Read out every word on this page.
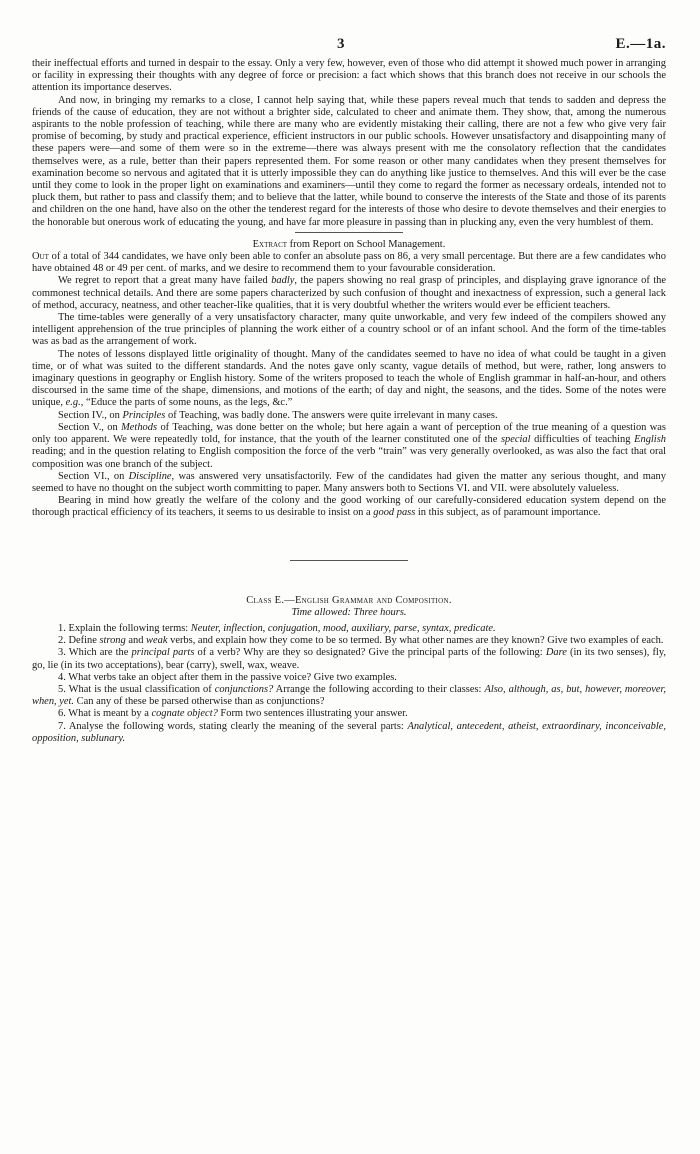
3	E.—1a.

their ineffectual efforts and turned in despair to the essay. Only a very few, however, even of those who did attempt it showed much power in arranging or facility in expressing their thoughts with any degree of force or precision: a fact which shows that this branch does not receive in our schools the attention its importance deserves.

And now, in bringing my remarks to a close, I cannot help saying that, while these papers reveal much that tends to sadden and depress the friends of the cause of education, they are not without a brighter side, calculated to cheer and animate them. They show, that, among the numerous aspirants to the noble profession of teaching, while there are many who are evidently mistaking their calling, there are not a few who give very fair promise of becoming, by study and practical experience, efficient instructors in our public schools. However unsatisfactory and disappointing many of these papers were—and some of them were so in the extreme—there was always present with me the consolatory reflection that the candidates themselves were, as a rule, better than their papers represented them. For some reason or other many candidates when they present themselves for examination become so nervous and agitated that it is utterly impossible they can do anything like justice to themselves. And this will ever be the case until they come to look in the proper light on examinations and examiners—until they come to regard the former as necessary ordeals, intended not to pluck them, but rather to pass and classify them; and to believe that the latter, while bound to conserve the interests of the State and those of its parents and children on the one hand, have also on the other the tenderest regard for the interests of those who desire to devote themselves and their energies to the honorable but onerous work of educating the young, and have far more pleasure in passing than in plucking any, even the very humblest of them.

Extract from Report on School Management.

Out of a total of 344 candidates, we have only been able to confer an absolute pass on 86, a very small percentage. But there are a few candidates who have obtained 48 or 49 per cent. of marks, and we desire to recommend them to your favourable consideration.

We regret to report that a great many have failed badly, the papers showing no real grasp of principles, and displaying grave ignorance of the commonest technical details. And there are some papers characterized by such confusion of thought and inexactness of expression, such a general lack of method, accuracy, neatness, and other teacher-like qualities, that it is very doubtful whether the writers would ever be efficient teachers.

The time-tables were generally of a very unsatisfactory character, many quite unworkable, and very few indeed of the compilers showed any intelligent apprehension of the true principles of planning the work either of a country school or of an infant school. And the form of the time-tables was as bad as the arrangement of work.

The notes of lessons displayed little originality of thought. Many of the candidates seemed to have no idea of what could be taught in a given time, or of what was suited to the different standards. And the notes gave only scanty, vague details of method, but were, rather, long answers to imaginary questions in geography or English history. Some of the writers proposed to teach the whole of English grammar in half-an-hour, and others discoursed in the same time of the shape, dimensions, and motions of the earth; of day and night, the seasons, and the tides. Some of the notes were unique, e.g., “Educe the parts of some nouns, as the legs, &c.”

Section IV., on Principles of Teaching, was badly done. The answers were quite irrelevant in many cases.

Section V., on Methods of Teaching, was done better on the whole; but here again a want of perception of the true meaning of a question was only too apparent. We were repeatedly told, for instance, that the youth of the learner constituted one of the special difficulties of teaching English reading; and in the question relating to English composition the force of the verb “train” was very generally overlooked, as was also the fact that oral composition was one branch of the subject.

Section VI., on Discipline, was answered very unsatisfactorily. Few of the candidates had given the matter any serious thought, and many seemed to have no thought on the subject worth committing to paper. Many answers both to Sections VI. and VII. were absolutely valueless.

Bearing in mind how greatly the welfare of the colony and the good working of our carefully-considered education system depend on the thorough practical efficiency of its teachers, it seems to us desirable to insist on a good pass in this subject, as of paramount importance.

Class E.—English Grammar and Composition.

Time allowed: Three hours.

1. Explain the following terms: Neuter, inflection, conjugation, mood, auxiliary, parse, syntax, predicate.

2. Define strong and weak verbs, and explain how they come to be so termed. By what other names are they known? Give two examples of each.

3. Which are the principal parts of a verb? Why are they so designated? Give the principal parts of the following: Dare (in its two senses), fly, go, lie (in its two acceptations), bear (carry), swell, wax, weave.

4. What verbs take an object after them in the passive voice? Give two examples.

5. What is the usual classification of conjunctions? Arrange the following according to their classes: Also, although, as, but, however, moreover, when, yet. Can any of these be parsed otherwise than as conjunctions?

6. What is meant by a cognate object? Form two sentences illustrating your answer.

7. Analyse the following words, stating clearly the meaning of the several parts: Analytical, antecedent, atheist, extraordinary, inconceivable, opposition, sublunary.
